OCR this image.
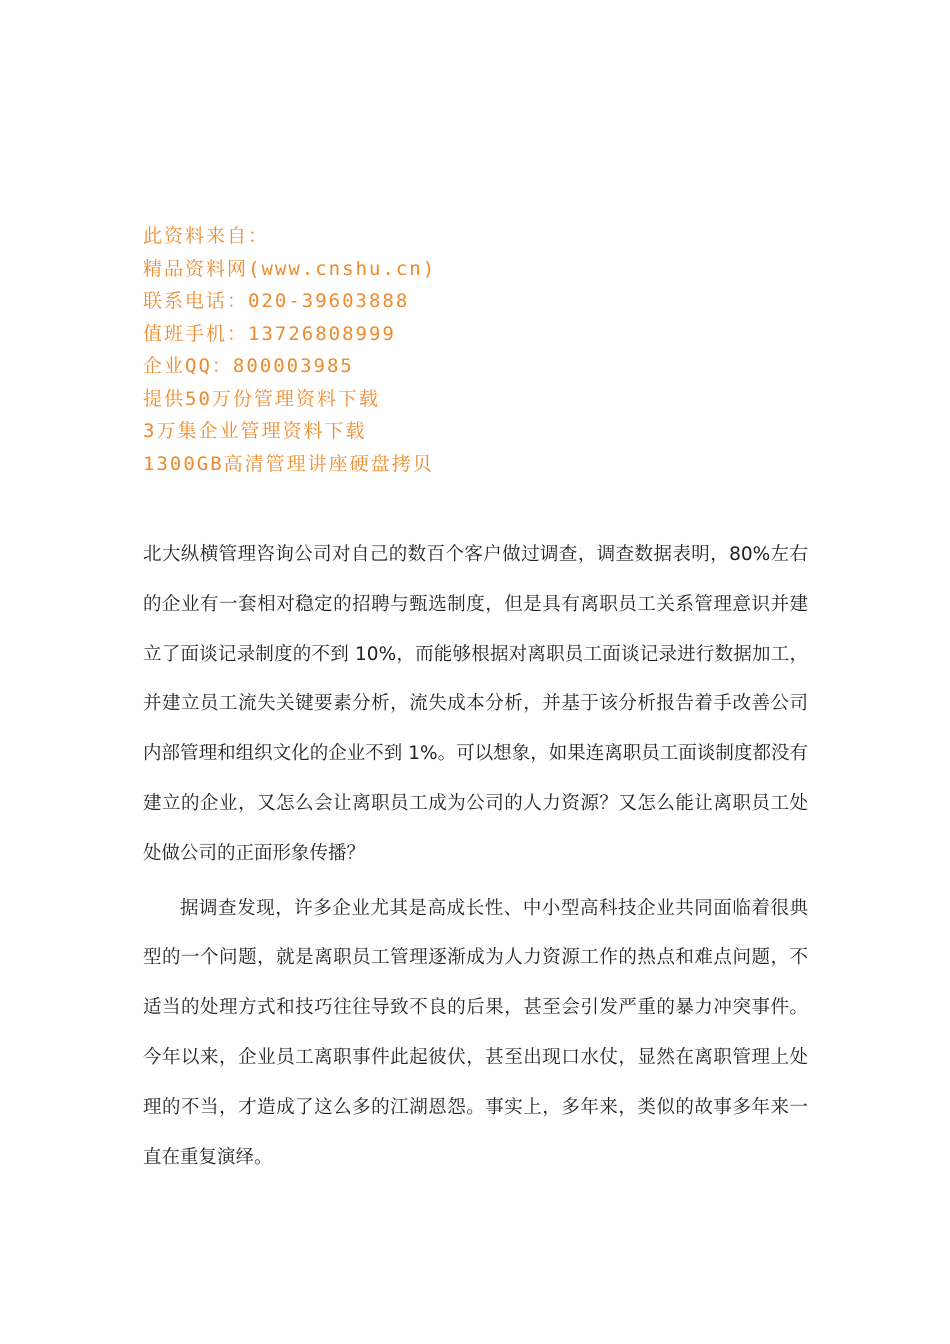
此资料来自：
精品资料网(www.cnshu.cn)
联系电话：020-39603888
值班手机：13726808999
企业QQ：800003985
提供50万份管理资料下载
3万集企业管理资料下载
1300GB高清管理讲座硬盘拷贝

北大纵横管理咨询公司对自己的数百个客户做过调查，调查数据表明，80%左右的企业有一套相对稳定的招聘与甄选制度，但是具有离职员工关系管理意识并建立了面谈记录制度的不到 10%，而能够根据对离职员工面谈记录进行数据加工，并建立员工流失关键要素分析，流失成本分析，并基于该分析报告着手改善公司内部管理和组织文化的企业不到 1%。可以想象，如果连离职员工面谈制度都没有建立的企业，又怎么会让离职员工成为公司的人力资源？又怎么能让离职员工处处做公司的正面形象传播？

据调查发现，许多企业尤其是高成长性、中小型高科技企业共同面临着很典型的一个问题，就是离职员工管理逐渐成为人力资源工作的热点和难点问题，不适当的处理方式和技巧往往导致不良的后果，甚至会引发严重的暴力冲突事件。今年以来，企业员工离职事件此起彼伏，甚至出现口水仗，显然在离职管理上处理的不当，才造成了这么多的江湖恩怨。事实上，多年来，类似的故事多年来一直在重复演绎。
